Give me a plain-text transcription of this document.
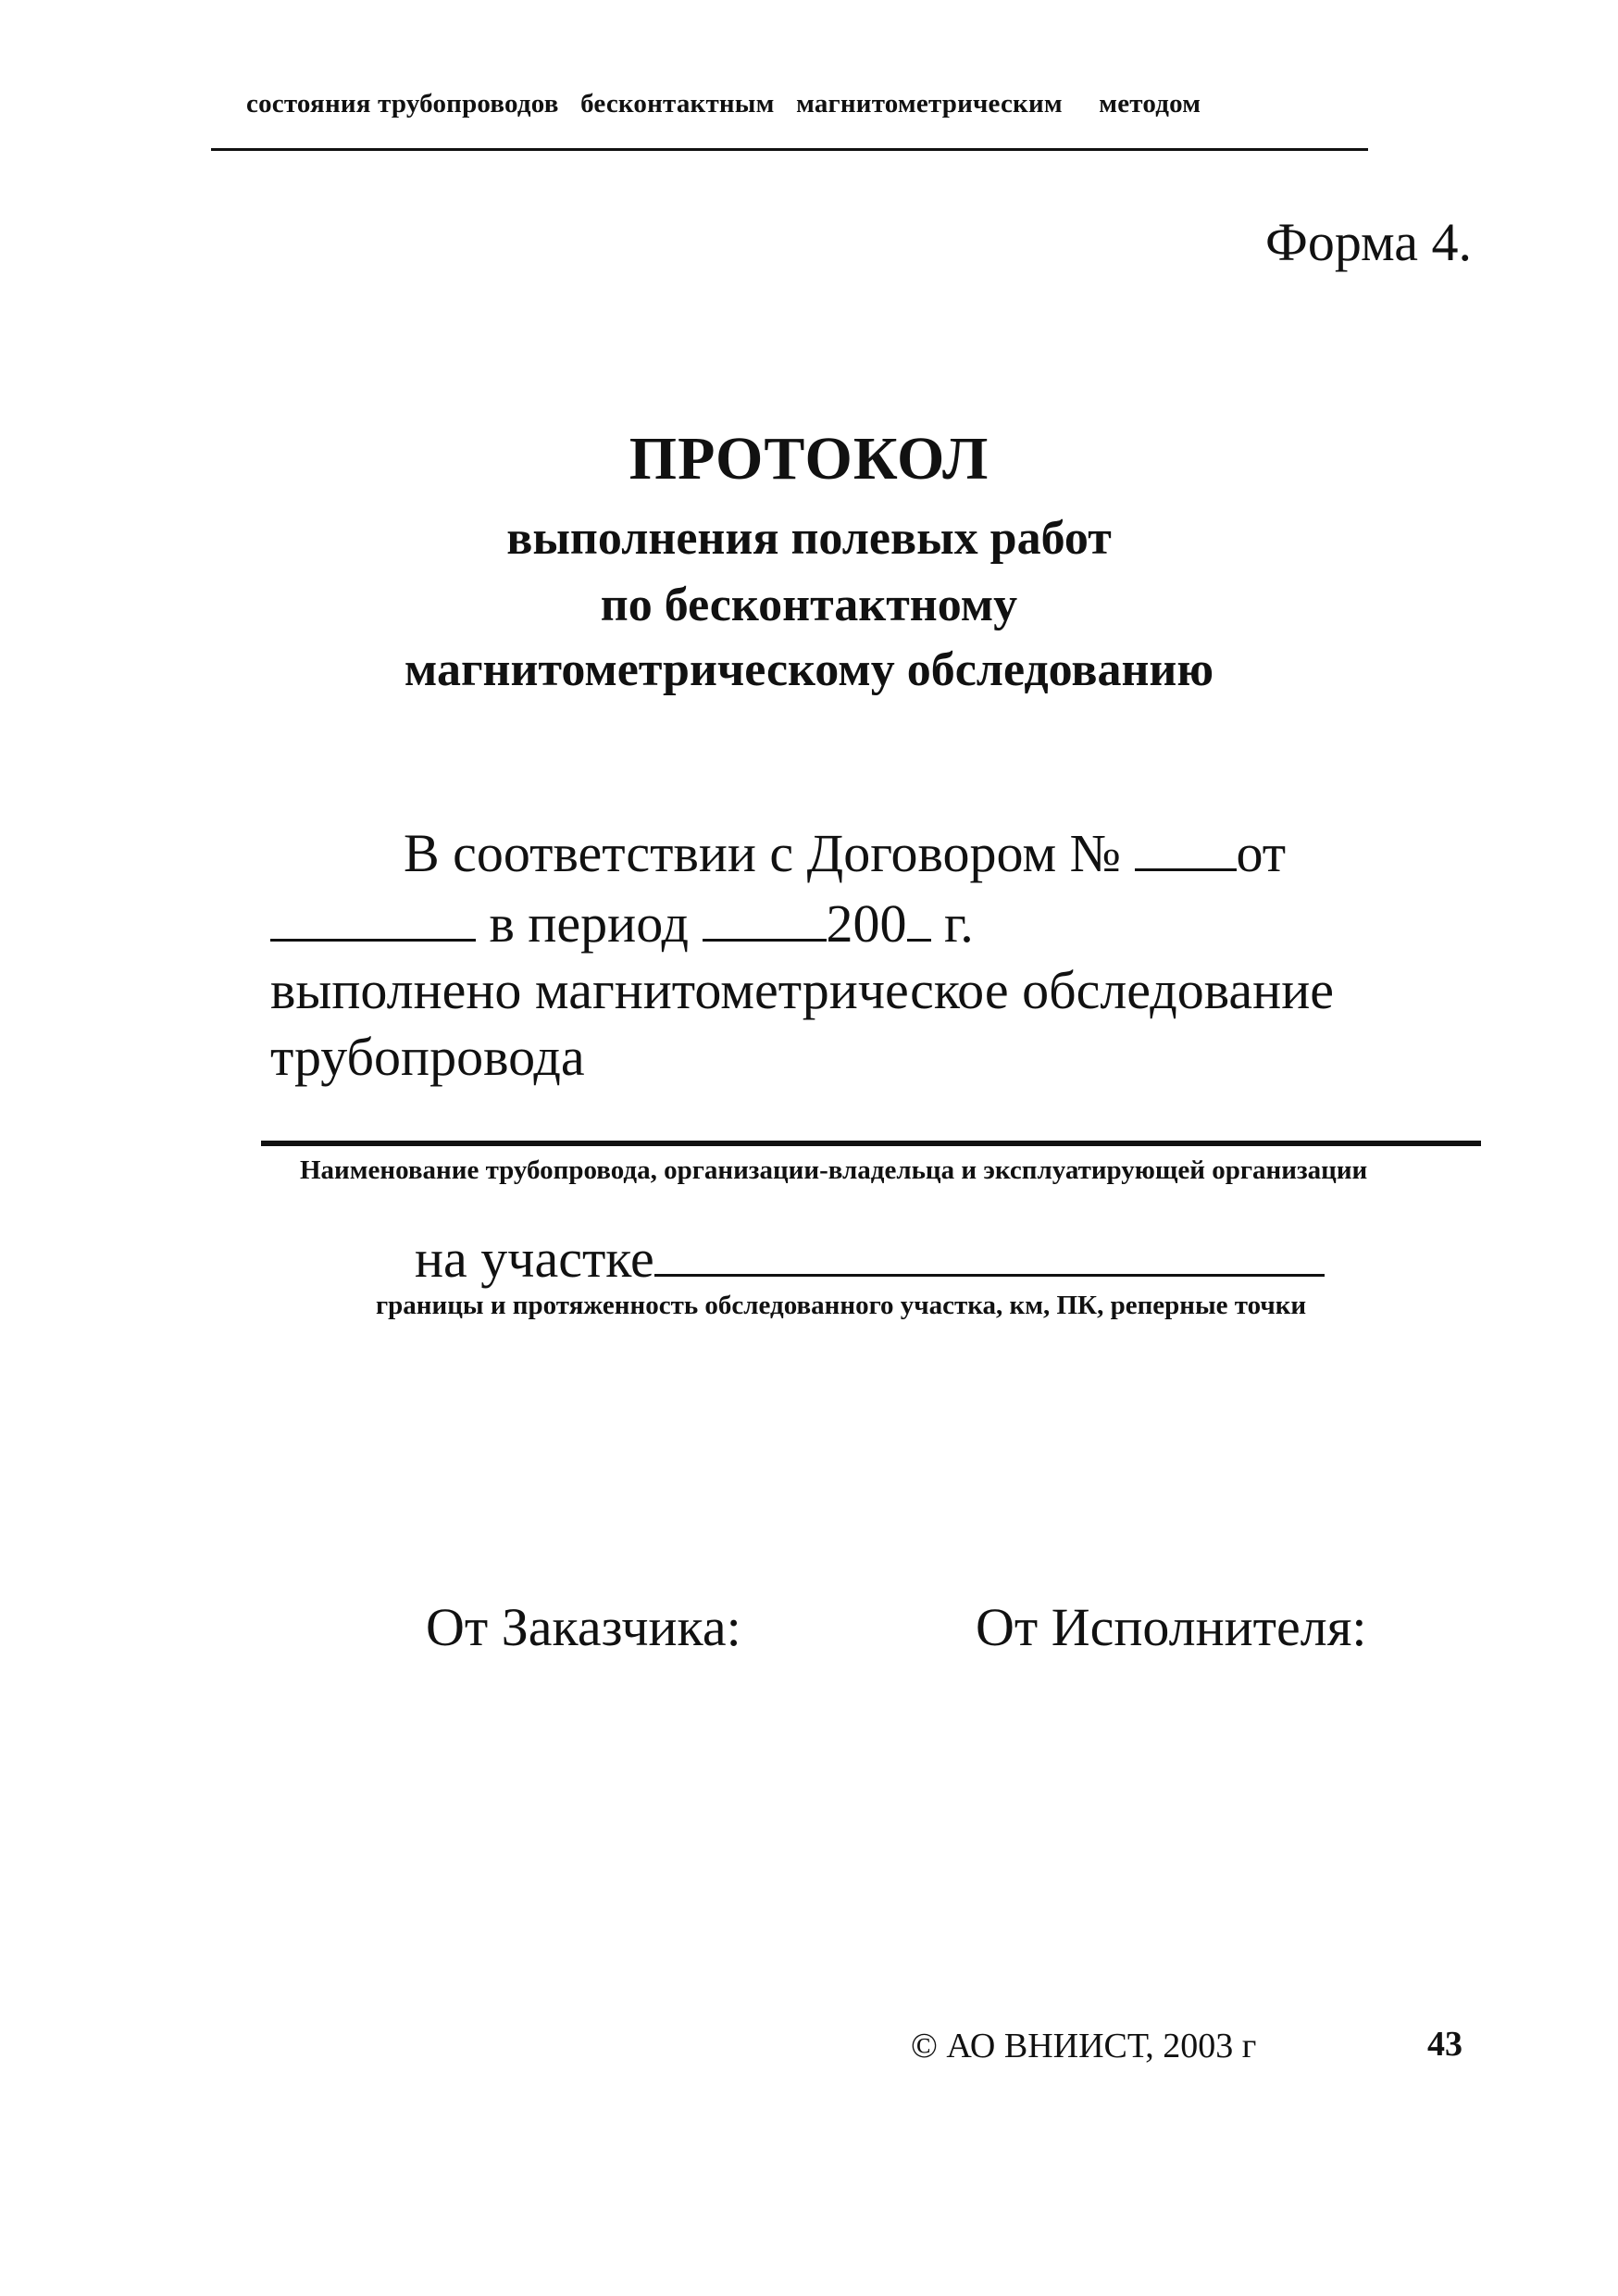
состояния трубопроводов бесконтактным магнитометрическим методом
Форма 4.
ПРОТОКОЛ
выполнения полевых работ
по бесконтактному
магнитометрическому обследованию
В соответствии с Договором № от
в период	200 г.
выполнено магнитометрическое обследование
трубопровода
Наименование трубопровода, организации-владельца и эксплуатирующей организации
на участке
границы и протяженность обследованного участка, км, ПК, реперные точки
От Заказчика:	От Исполнителя:
© АО ВНИИСТ, 2003 г	43
